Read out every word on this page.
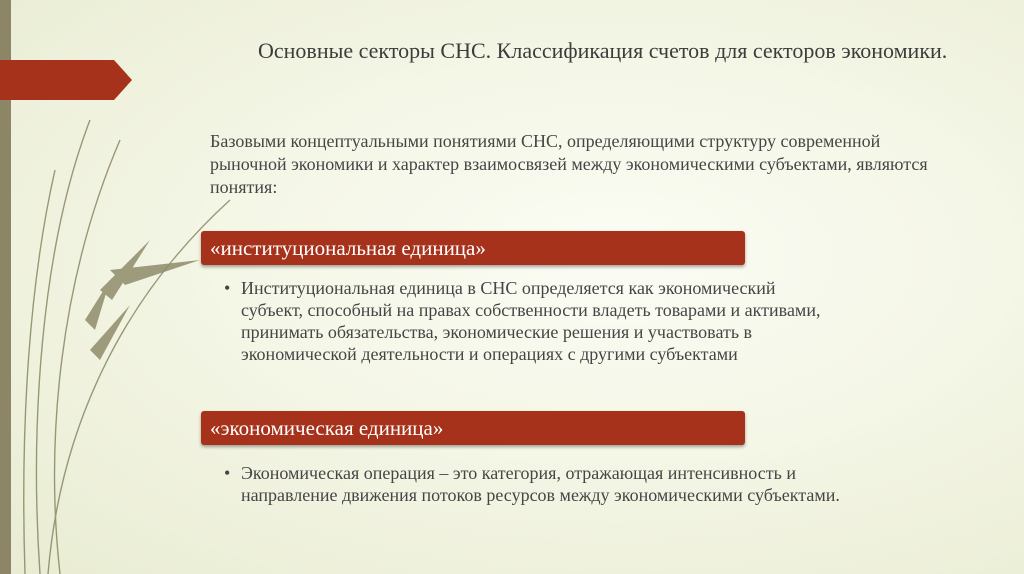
Основные секторы СНС. Классификация счетов для секторов экономики.

Базовыми концептуальными понятиями СНС, определяющими структуру современной рыночной экономики и характер взаимосвязей между экономическими субъектами, являются понятия:

«институциональная единица»
• Институциональная единица в СНС определяется как экономический субъект, способный на правах собственности владеть товарами и активами, принимать обязательства, экономические решения и участвовать в экономической деятельности и операциях с другими субъектами
«экономическая единица»
• Экономическая операция – это категория, отражающая интенсивность и направление движения потоков ресурсов между экономическими субъектами.
